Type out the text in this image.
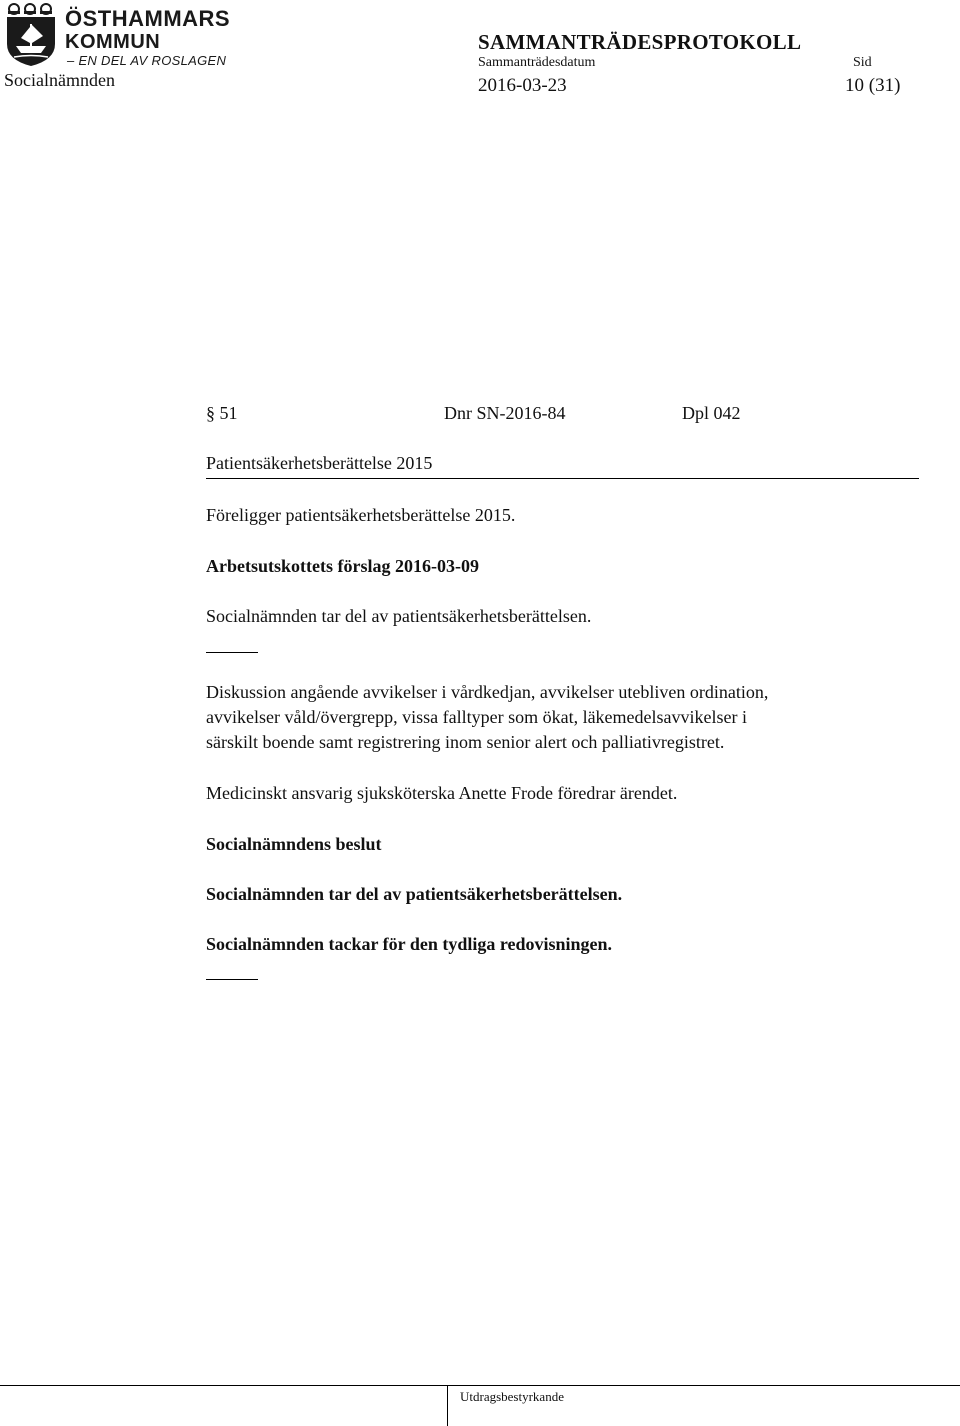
ÖSTHAMMARS
KOMMUN
– EN DEL AV ROSLAGEN
Socialnämnden
SAMMANTRÄDESPROTOKOLL
Sammanträdesdatum	Sid
2016-03-23	10 (31)
§ 51	Dnr SN-2016-84	Dpl 042
Patientsäkerhetsberättelse 2015
Föreligger patientsäkerhetsberättelse 2015.
Arbetsutskottets förslag 2016-03-09
Socialnämnden tar del av patientsäkerhetsberättelsen.
Diskussion angående avvikelser i vårdkedjan, avvikelser utebliven ordination,
avvikelser våld/övergrepp, vissa falltyper som ökat, läkemedelsavvikelser i
särskilt boende samt registrering inom senior alert och palliativregistret.
Medicinskt ansvarig sjuksköterska Anette Frode föredrar ärendet.
Socialnämndens beslut
Socialnämnden tar del av patientsäkerhetsberättelsen.
Socialnämnden tackar för den tydliga redovisningen.
Utdragsbestyrkande
